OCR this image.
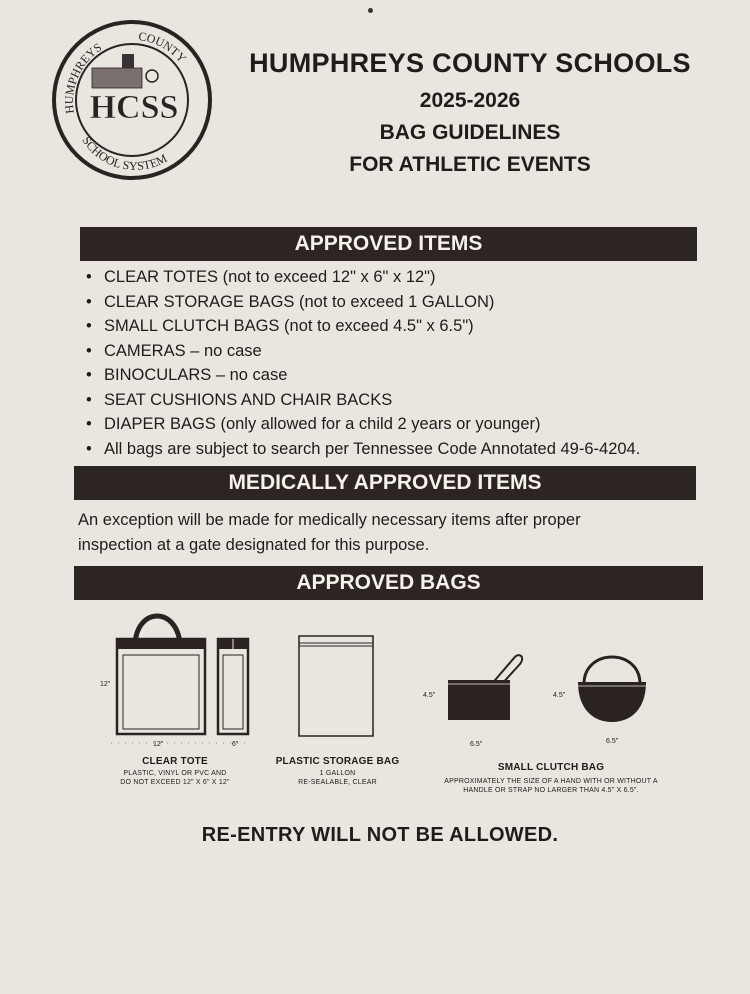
HUMPHREYS
COUNTY
SCHOOL SYSTEM
HCSS
HUMPHREYS COUNTY SCHOOLS
2025-2026
BAG GUIDELINES
FOR ATHLETIC EVENTS
APPROVED ITEMS
• CLEAR TOTES (not to exceed 12" x 6" x 12")
• CLEAR STORAGE BAGS (not to exceed 1 GALLON)
• SMALL CLUTCH BAGS (not to exceed 4.5" x 6.5")
• CAMERAS – no case
• BINOCULARS – no case
• SEAT CUSHIONS AND CHAIR BACKS
• DIAPER BAGS (only allowed for a child 2 years or younger)
• All bags are subject to search per Tennessee Code Annotated 49-6-4204.
MEDICALLY APPROVED ITEMS
An exception will be made for medically necessary items after proper inspection at a gate designated for this purpose.
APPROVED BAGS
12"
12"	6"
4.5"
6.5"
4.5"
6.5"
CLEAR TOTE
PLASTIC, VINYL OR PVC AND
DO NOT EXCEED 12" X 6" X 12"
PLASTIC STORAGE BAG
1 GALLON
RE-SEALABLE, CLEAR
SMALL CLUTCH BAG
APPROXIMATELY THE SIZE OF A HAND WITH OR WITHOUT A
HANDLE OR STRAP NO LARGER THAN 4.5" X 6.5".
RE-ENTRY WILL NOT BE ALLOWED.
